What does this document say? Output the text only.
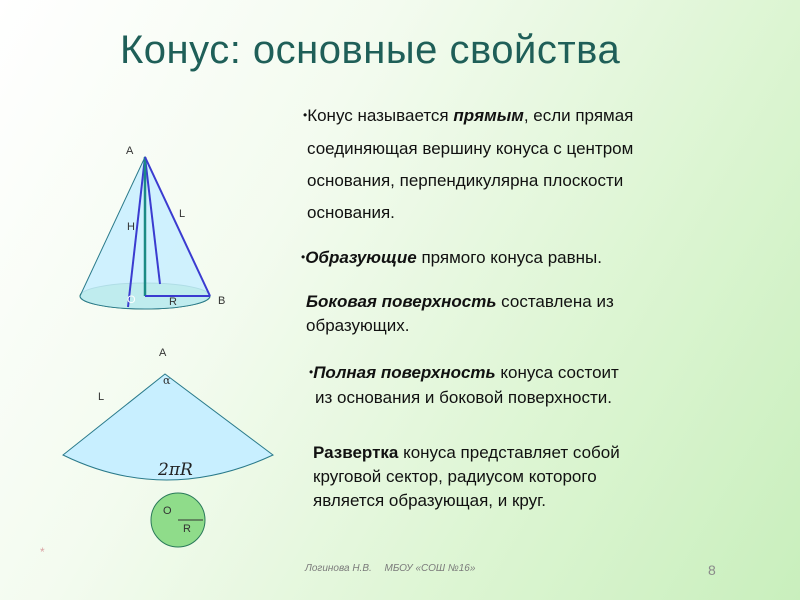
Конус: основные свойства
•Конус называется прямым, если прямая
соединяющая вершину конуса с центром
основания, перпендикулярна плоскости
основания.
•Образующие прямого конуса равны.
Боковая поверхность составлена из
образующих.
•Полная поверхность конуса состоит
из основания и боковой поверхности.
Развертка конуса представляет собой
круговой сектор, радиусом которого
является образующая, и круг.
A
H
L
O	R	B
A
α
L
2πR
O
R
*
Логинова Н.В. МБОУ «СОШ №16»	8
